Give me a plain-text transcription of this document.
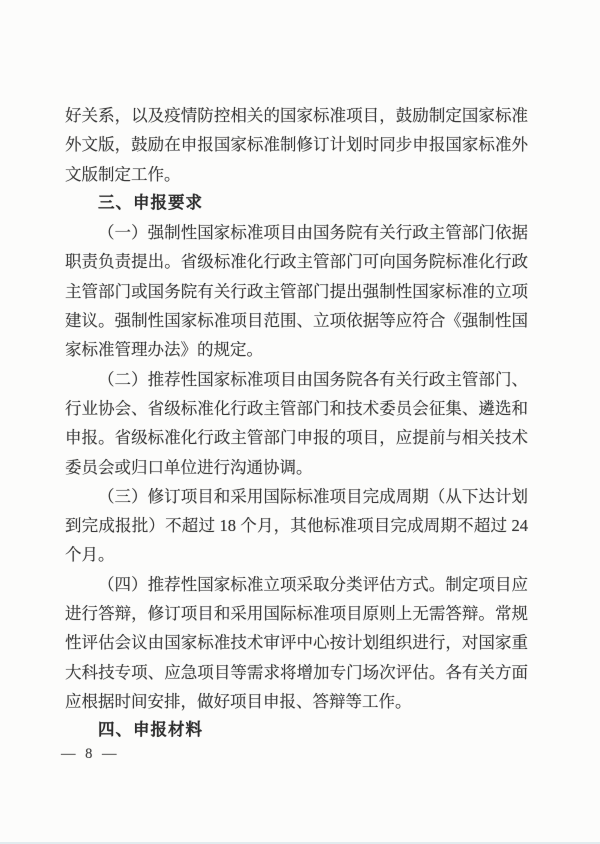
好关系，以及疫情防控相关的国家标准项目，鼓励制定国家标准外文版，鼓励在申报国家标准制修订计划时同步申报国家标准外文版制定工作。

三、申报要求

（一）强制性国家标准项目由国务院有关行政主管部门依据职责负责提出。省级标准化行政主管部门可向国务院标准化行政主管部门或国务院有关行政主管部门提出强制性国家标准的立项建议。强制性国家标准项目范围、立项依据等应符合《强制性国家标准管理办法》的规定。

（二）推荐性国家标准项目由国务院各有关行政主管部门、行业协会、省级标准化行政主管部门和技术委员会征集、遴选和申报。省级标准化行政主管部门申报的项目，应提前与相关技术委员会或归口单位进行沟通协调。

（三）修订项目和采用国际标准项目完成周期（从下达计划到完成报批）不超过 18 个月，其他标准项目完成周期不超过 24 个月。

（四）推荐性国家标准立项采取分类评估方式。制定项目应进行答辩，修订项目和采用国际标准项目原则上无需答辩。常规性评估会议由国家标准技术审评中心按计划组织进行，对国家重大科技专项、应急项目等需求将增加专门场次评估。各有关方面应根据时间安排，做好项目申报、答辩等工作。

四、申报材料

— 8 —
